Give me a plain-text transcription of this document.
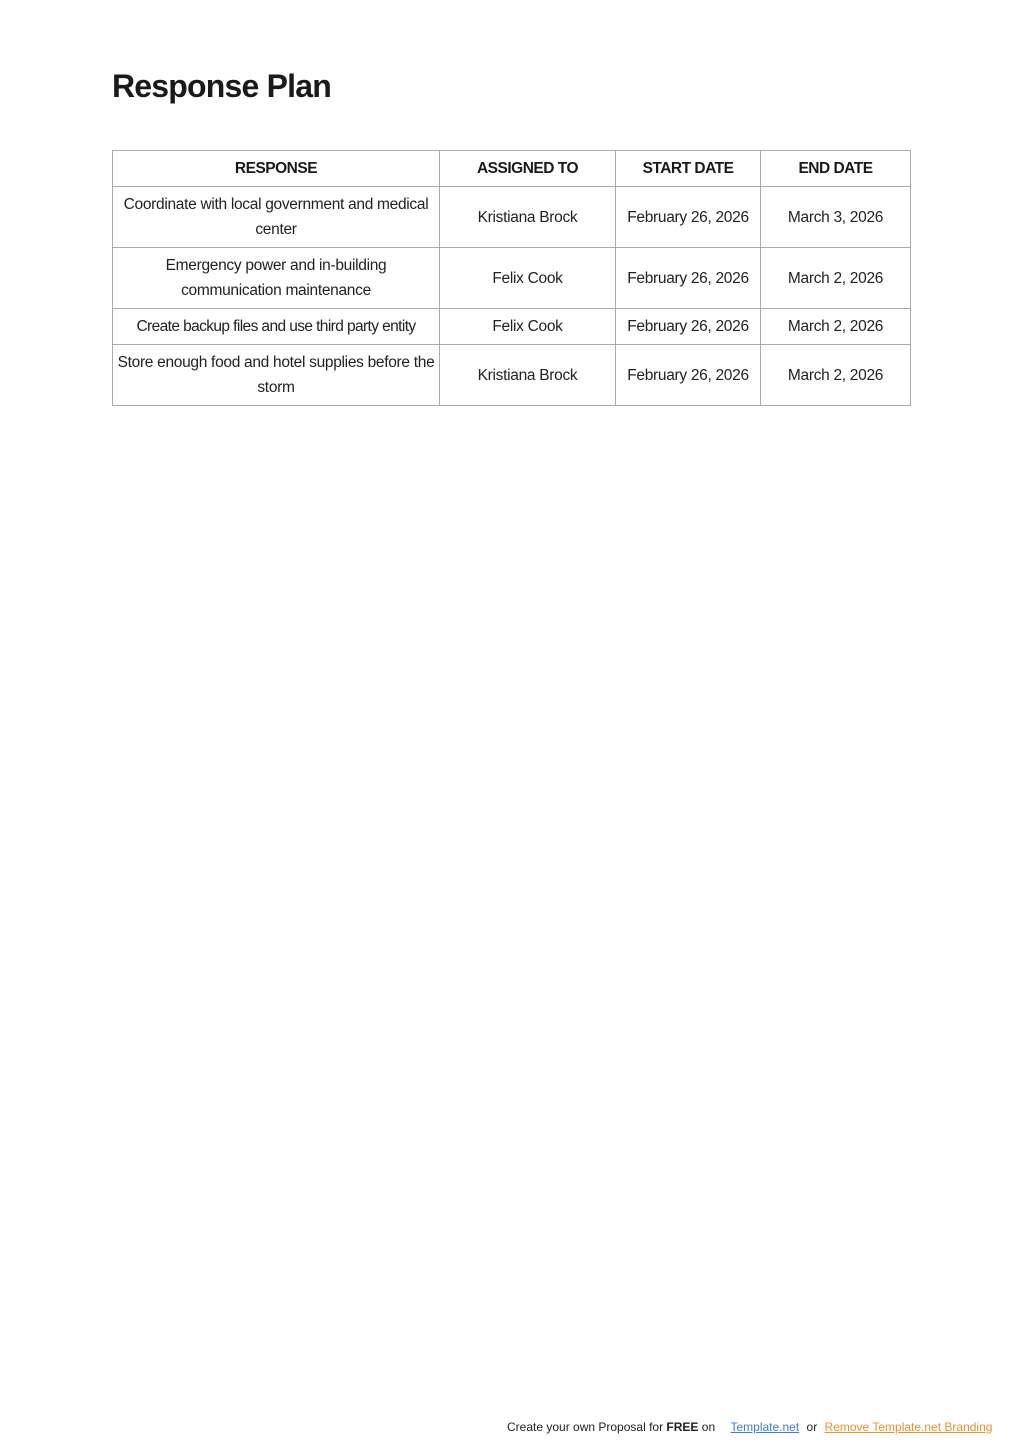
Response Plan
RESPONSE	ASSIGNED TO	START DATE	END DATE
Coordinate with local government and medical center	Kristiana Brock	February 26, 2026	March 3, 2026
Emergency power and in-building communication maintenance	Felix Cook	February 26, 2026	March 2, 2026
Create backup files and use third party entity	Felix Cook	February 26, 2026	March 2, 2026
Store enough food and hotel supplies before the storm	Kristiana Brock	February 26, 2026	March 2, 2026
Create your own Proposal for FREE on Template.net or Remove Template.net Branding
